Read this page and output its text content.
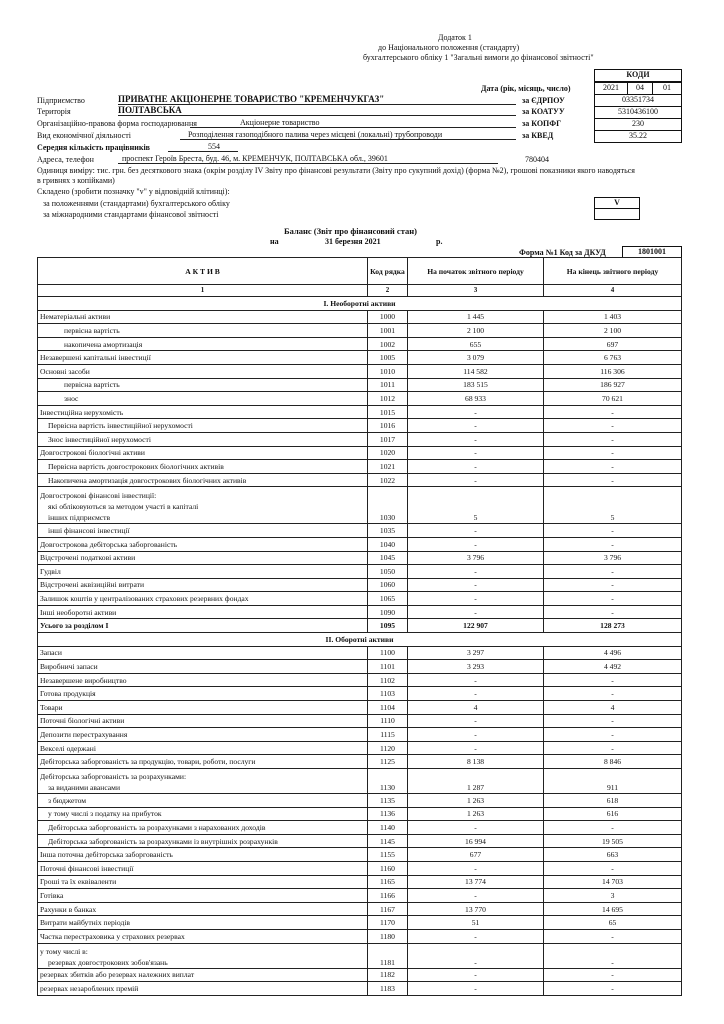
Додаток 1
до Національного положення (стандарту)
бухгалтерського обліку 1 "Загальні вимоги до фінансової звітності"
КОДИ
Дата (рік, місяць, число)	2021	04	01
Підприємство	ПРИВАТНЕ АКЦІОНЕРНЕ ТОВАРИСТВО "КРЕМЕНЧУКГАЗ"	за ЄДРПОУ	03351734
Територія	ПОЛТАВСЬКА	за КОАТУУ	5310436100
Організаційно-правова форма господарювання	Акціонерне товариство	за КОПФГ	230
Вид економічної діяльності	Розподілення газоподібного палива через місцеві (локальні) трубопроводи	за КВЕД	35.22
Середня кількість працівників	554
Адреса, телефон	проспект Героїв Бреста, буд. 46, м. КРЕМЕНЧУК, ПОЛТАВСЬКА обл., 39601	780404
Одиниця виміру: тис. грн. без десяткового знака (окрім розділу IV Звіту про фінансові результати (Звіту про сукупний дохід) (форма №2), грошові показники якого наводяться в гривнях з копійками)
Складено (зробити позначку "v" у відповідній клітинці):
за положеннями (стандартами) бухгалтерського обліку
за міжнародними стандартами фінансової звітності
V
Баланс (Звіт про фінансовий стан)
на	31 березня 2021	р.
Форма №1 Код за ДКУД	1801001
А К Т И В	Код рядка	На початок звітного періоду	На кінець звітного періоду
1	2	3	4
I. Необоротні активи			

Нематеріальні активи	1000	1 445	1 403

первісна вартість	1001	2 100	2 100

накопичена амортизація	1002	655	697

Незавершені капітальні інвестиції	1005	3 079	6 763

Основні засоби	1010	114 582	116 306

первісна вартість	1011	183 515	186 927

знос	1012	68 933	70 621

Інвестиційна нерухомість	1015	-	-

Первісна вартість інвестиційної нерухомості	1016	-	-

Знос інвестиційної нерухомості	1017	-	-

Довгострокові біологічні активи	1020	-	-

Первісна вартість довгострокових біологічних активів	1021	-	-

Накопичена амортизація довгострокових біологічних активів	1022	-	-

Довгострокові фінансові інвестиції:
які обліковуються за методом участі в капіталі
інших підприємств	1030	5	5

інші фінансові інвестиції	1035	-	-

Довгострокова дебіторська заборгованість	1040	-	-

Відстрочені податкові активи	1045	3 796	3 796

Гудвіл	1050	-	-

Відстрочені аквізиційні витрати	1060	-	-

Залишок коштів у централізованих страхових резервних фондах	1065	-	-

Інші необоротні активи	1090	-	-

Усього за розділом I	1095	122 907	128 273
II. Оборотні активи			

Запаси	1100	3 297	4 496

Виробничі запаси	1101	3 293	4 492

Незавершене виробництво	1102	-	-

Готова продукція	1103	-	-

Товари	1104	4	4

Поточні біологічні активи	1110	-	-

Депозити перестрахування	1115	-	-

Векселі одержані	1120	-	-

Дебіторська заборгованість за продукцію, товари, роботи, послуги	1125	8 138	8 846

Дебіторська заборгованість за розрахунками:
за виданими авансами	1130	1 287	911

з бюджетом	1135	1 263	618

у тому числі з податку на прибуток	1136	1 263	616

Дебіторська заборгованість за розрахунками з нарахованих доходів	1140	-	-

Дебіторська заборгованість за розрахунками із внутрішніх розрахунків	1145	16 994	19 505

Інша поточна дебіторська заборгованість	1155	677	663

Поточні фінансові інвестиції	1160	-	-

Гроші та їх еквіваленти	1165	13 774	14 703

Готівка	1166	-	3

Рахунки в банках	1167	13 770	14 695

Витрати майбутніх періодів	1170	51	65

Частка перестраховика у страхових резервах	1180	-	-

у тому числі в:
резервах довгострокових зобов'язань	1181	-	-

резервах збитків або резервах належних виплат	1182	-	-

резервах незароблених премій	1183	-	-
